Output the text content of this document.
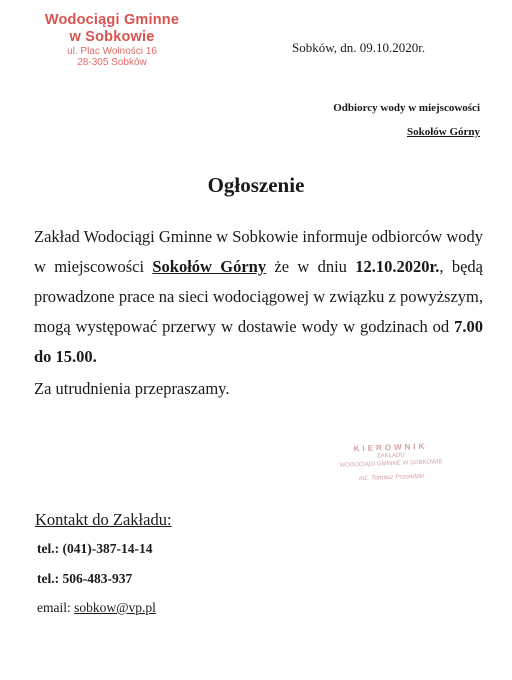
Wodociągi Gminne
w Sobkowie
ul. Plac Wolności 16
28-305 Sobków
Sobków, dn. 09.10.2020r.
Odbiorcy wody w miejscowości
Sokołów Górny
Ogłoszenie
Zakład Wodociągi Gminne w Sobkowie informuje odbiorców wody w miejscowości Sokołów Górny że w dniu 12.10.2020r., będą prowadzone prace na sieci wodociągowej w związku z powyższym, mogą występować przerwy w dostawie wody w godzinach od 7.00 do 15.00.
Za utrudnienia przepraszamy.
KIEROWNIK
ZAKŁADU
WODOCIĄGI GMINNE W SOBKOWIE
inż. Tomasz Przondzki
Kontakt do Zakładu:
tel.: (041)-387-14-14
tel.: 506-483-937
email: sobkow@vp.pl
